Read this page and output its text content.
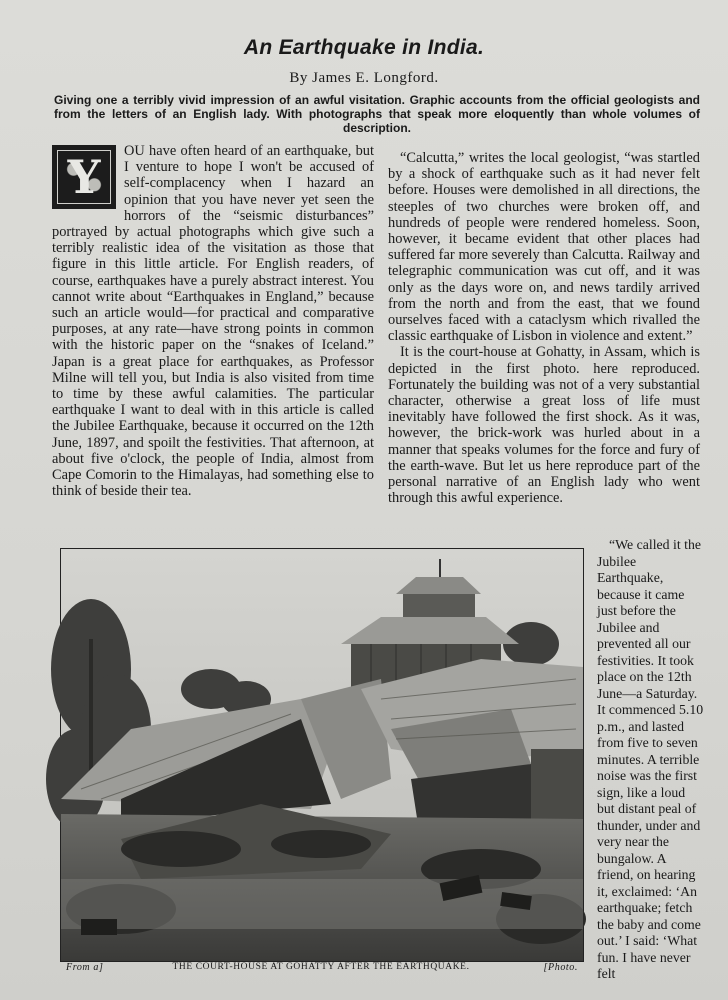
An Earthquake in India.
By James E. Longford.
Giving one a terribly vivid impression of an awful visitation. Graphic accounts from the official geologists and from the letters of an English lady. With photographs that speak more eloquently than whole volumes of description.
Y	OU have often heard of an earthquake, but I venture to hope I won't be accused of self-complacency when I hazard an opinion that you have never yet seen the horrors of the “seismic disturbances” portrayed by actual photographs which give such a terribly realistic idea of the visitation as those that figure in this little article. For English readers, of course, earthquakes have a purely abstract interest. You cannot write about “Earthquakes in England,” because such an article would—for practical and comparative purposes, at any rate—have strong points in common with the historic paper on the “snakes of Iceland.” Japan is a great place for earthquakes, as Professor Milne will tell you, but India is also visited from time to time by these awful calamities. The particular earthquake I want to deal with in this article is called the Jubilee Earthquake, because it occurred on the 12th June, 1897, and spoilt the festivities. That afternoon, at about five o'clock, the people of India, almost from Cape Comorin to the Himalayas, had something else to think of beside their tea.

“Calcutta,” writes the local geologist, “was startled by a shock of earthquake such as it had never felt before. Houses were demolished in all directions, the steeples of two churches were broken off, and hundreds of people were rendered homeless. Soon, however, it became evident that other places had suffered far more severely than Calcutta. Railway and telegraphic communication was cut off, and it was only as the days wore on, and news tardily arrived from the north and from the east, that we found ourselves faced with a cataclysm which rivalled the classic earthquake of Lisbon in violence and extent.”

It is the court-house at Gohatty, in Assam, which is depicted in the first photo. here reproduced. Fortunately the building was not of a very substantial character, otherwise a great loss of life must inevitably have followed the first shock. As it was, however, the brick-work was hurled about in a manner that speaks volumes for the force and fury of the earth-wave. But let us here reproduce part of the personal narrative of an English lady who went through this awful experience.

From a]	THE COURT-HOUSE AT GOHATTY AFTER THE EARTHQUAKE.	[Photo.

“We called it the Jubilee Earthquake, because it came just before the Jubilee and prevented all our festivities. It took place on the 12th June—a Saturday. It commenced 5.10 p.m., and lasted from five to seven minutes. A terrible noise was the first sign, like a loud but distant peal of thunder, under and very near the bungalow. A friend, on hearing it, exclaimed: ‘An earthquake; fetch the baby and come out.’ I said: ‘What fun. I have never felt
